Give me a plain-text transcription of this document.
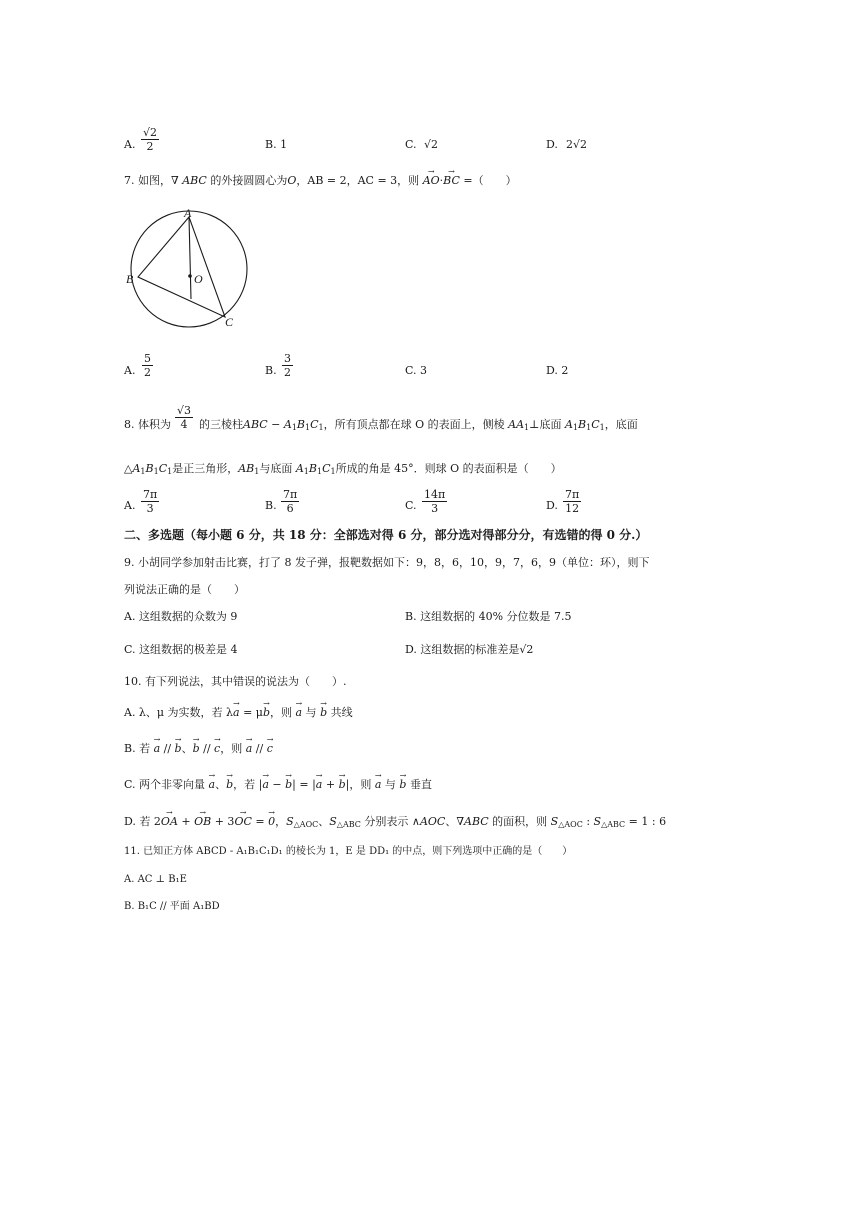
A. $\frac{√2}{2}$	B. 1	C. √2	D. 2√2
7. 如图，∇ ABC 的外接圆圆心为O，AB = 2，AC = 3，则 → AO·→ BC =（　　）
A
B
C
O
A. $\frac{5}{2}$	B. $\frac{3}{2}$	C. 3	D. 2
8. 体积为 $\frac{√3}{4}$ 的三棱柱ABC − $A_1B_1C_1$，所有顶点都在球 O 的表面上，侧棱 $AA_1\perp$底面 $A_1B_1C_1$，底面
$\triangle A_1B_1C_1$是正三角形，$AB_1$与底面 $A_1B_1C_1$所成的角是 45°．则球 O 的表面积是（　　）
A. $\frac{7\pi}{3}$	B. $\frac{7\pi}{6}$	C. $\frac{14\pi}{3}$	D. $\frac{7\pi}{12}$
二、多选题（每小题 6 分，共 18 分：全部选对得 6 分，部分选对得部分分，有选错的得 0 分.）
9. 小胡同学参加射击比赛，打了 8 发子弹，报靶数据如下：9，8，6，10，9，7，6，9（单位：环），则下
列说法正确的是（　　）
A. 这组数据的众数为 9	B. 这组数据的 40% 分位数是 7.5
C. 这组数据的极差是 4	D. 这组数据的标准差是√2
10. 有下列说法，其中错误的说法为（　　）.
A. λ、μ 为实数，若 λ→ a = μ→ b，则 → a 与 → b 共线
B. 若 → a // → b、→ b // → c，则 → a // → c
C. 两个非零向量 → a、→ b，若 |→ a − → b| = |→ a + → b|，则 → a 与 → b 垂直
D. 若 2→ OA + → OB + 3→ OC = → 0，$S_{\triangle AOC}$、$S_{\triangle ABC}$ 分别表示 ∧AOC、∇ABC 的面积，则 $S_{\triangle AOC}$ : $S_{\triangle ABC} = 1$ : 6
11. 已知正方体 ABCD - A₁B₁C₁D₁ 的棱长为 1，E 是 DD₁ 的中点，则下列选项中正确的是（　　）
A. AC ⊥ B₁E
B. B₁C // 平面 A₁BD
